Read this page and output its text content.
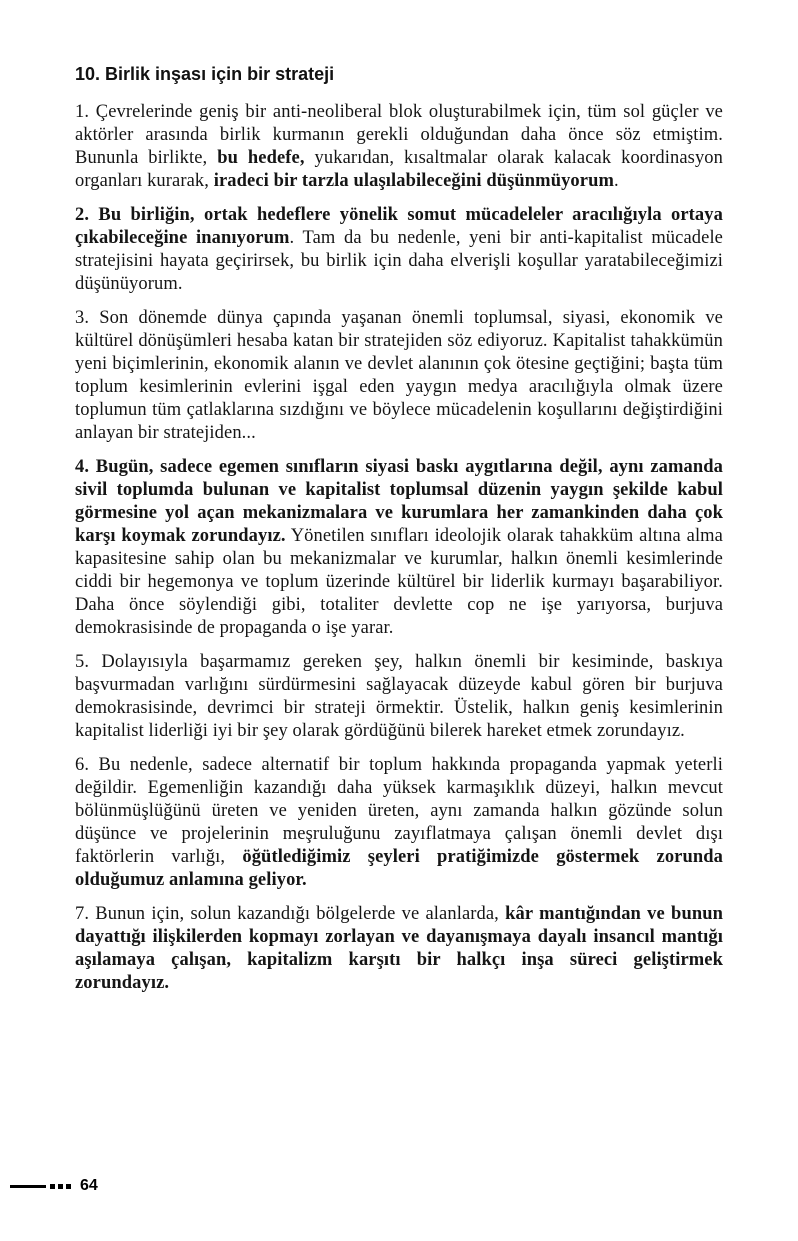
10. Birlik inşası için bir strateji

1. Çevrelerinde geniş bir anti-neoliberal blok oluşturabilmek için, tüm sol güçler ve aktörler arasında birlik kurmanın gerekli olduğundan daha önce söz etmiştim. Bununla birlikte, bu hedefe, yukarıdan, kısaltmalar olarak kalacak koordinasyon organları kurarak, iradeci bir tarzla ulaşılabileceğini düşünmüyorum.

2. Bu birliğin, ortak hedeflere yönelik somut mücadeleler aracılığıyla ortaya çıkabileceğine inanıyorum. Tam da bu nedenle, yeni bir anti-kapitalist mücadele stratejisini hayata geçirirsek, bu birlik için daha elverişli koşullar yaratabileceğimizi düşünüyorum.

3. Son dönemde dünya çapında yaşanan önemli toplumsal, siyasi, ekonomik ve kültürel dönüşümleri hesaba katan bir stratejiden söz ediyoruz. Kapitalist tahakkümün yeni biçimlerinin, ekonomik alanın ve devlet alanının çok ötesine geçtiğini; başta tüm toplum kesimlerinin evlerini işgal eden yaygın medya aracılığıyla olmak üzere toplumun tüm çatlaklarına sızdığını ve böylece mücadelenin koşullarını değiştirdiğini anlayan bir stratejiden...

4. Bugün, sadece egemen sınıfların siyasi baskı aygıtlarına değil, aynı zamanda sivil toplumda bulunan ve kapitalist toplumsal düzenin yaygın şekilde kabul görmesine yol açan mekanizmalara ve kurumlara her zamankinden daha çok karşı koymak zorundayız. Yönetilen sınıfları ideolojik olarak tahakküm altına alma kapasitesine sahip olan bu mekanizmalar ve kurumlar, halkın önemli kesimlerinde ciddi bir hegemonya ve toplum üzerinde kültürel bir liderlik kurmayı başarabiliyor. Daha önce söylendiği gibi, totaliter devlette cop ne işe yarıyorsa, burjuva demokrasisinde de propaganda o işe yarar.

5. Dolayısıyla başarmamız gereken şey, halkın önemli bir kesiminde, baskıya başvurmadan varlığını sürdürmesini sağlayacak düzeyde kabul gören bir burjuva demokrasisinde, devrimci bir strateji örmektir. Üstelik, halkın geniş kesimlerinin kapitalist liderliği iyi bir şey olarak gördüğünü bilerek hareket etmek zorundayız.

6. Bu nedenle, sadece alternatif bir toplum hakkında propaganda yapmak yeterli değildir. Egemenliğin kazandığı daha yüksek karmaşıklık düzeyi, halkın mevcut bölünmüşlüğünü üreten ve yeniden üreten, aynı zamanda halkın gözünde solun düşünce ve projelerinin meşruluğunu zayıflatmaya çalışan önemli devlet dışı faktörlerin varlığı, öğütlediğimiz şeyleri pratiğimizde göstermek zorunda olduğumuz anlamına geliyor.

7. Bunun için, solun kazandığı bölgelerde ve alanlarda, kâr mantığından ve bunun dayattığı ilişkilerden kopmayı zorlayan ve dayanışmaya dayalı insancıl mantığı aşılamaya çalışan, kapitalizm karşıtı bir halkçı inşa süreci geliştirmek zorundayız.

64
